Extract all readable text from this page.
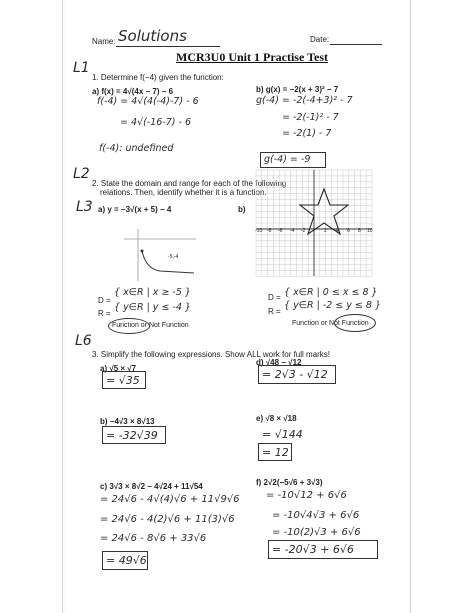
Name: Solutions	Date:
MCR3U0 Unit 1 Practise Test
L1
L2
L3
L6
1. Determine f(−4) given the function:
a) f(x) = 4√(4x − 7) − 6	b) g(x) = −2(x + 3)² − 7
f(-4) = 4√(4(-4)-7) - 6
= 4√(-16-7) - 6
f(-4): undefined
g(-4) = -2(-4+3)² - 7
= -2(-1)² - 7
= -2(1) - 7
g(-4) = -9
2. State the domain and range for each of the following
relations. Then, identify whether it is a function.
a) y = −3√(x + 5) − 4	b)
-5,-4
-10 -8 -6 -4 -2	2 4 6 8 10
D =
{ x∈R | x ≥ -5 }
R =
{ y∈R | y ≤ -4 }
Function or Not Function
D = { x∈R | 0 ≤ x ≤ 8 }
R =
{ y∈R | -2 ≤ y ≤ 8 }
Function or Not Function
3. Simplify the following expressions. Show ALL work for full marks!
a) √5 × √7
= √35
d) √48 − √12
= 2√3 - √12
b) −4√3 × 8√13
= -32√39
e) √8 × √18
= √144
= 12
c) 3√3 × 8√2 − 4√24 + 11√54
= 24√6 - 4√(4)√6 + 11√9√6
= 24√6 - 4(2)√6 + 11(3)√6
= 24√6 - 8√6 + 33√6
= 49√6
f) 2√2(−5√6 + 3√3)
= -10√12 + 6√6
= -10√4√3 + 6√6
= -10(2)√3 + 6√6
= -20√3 + 6√6
